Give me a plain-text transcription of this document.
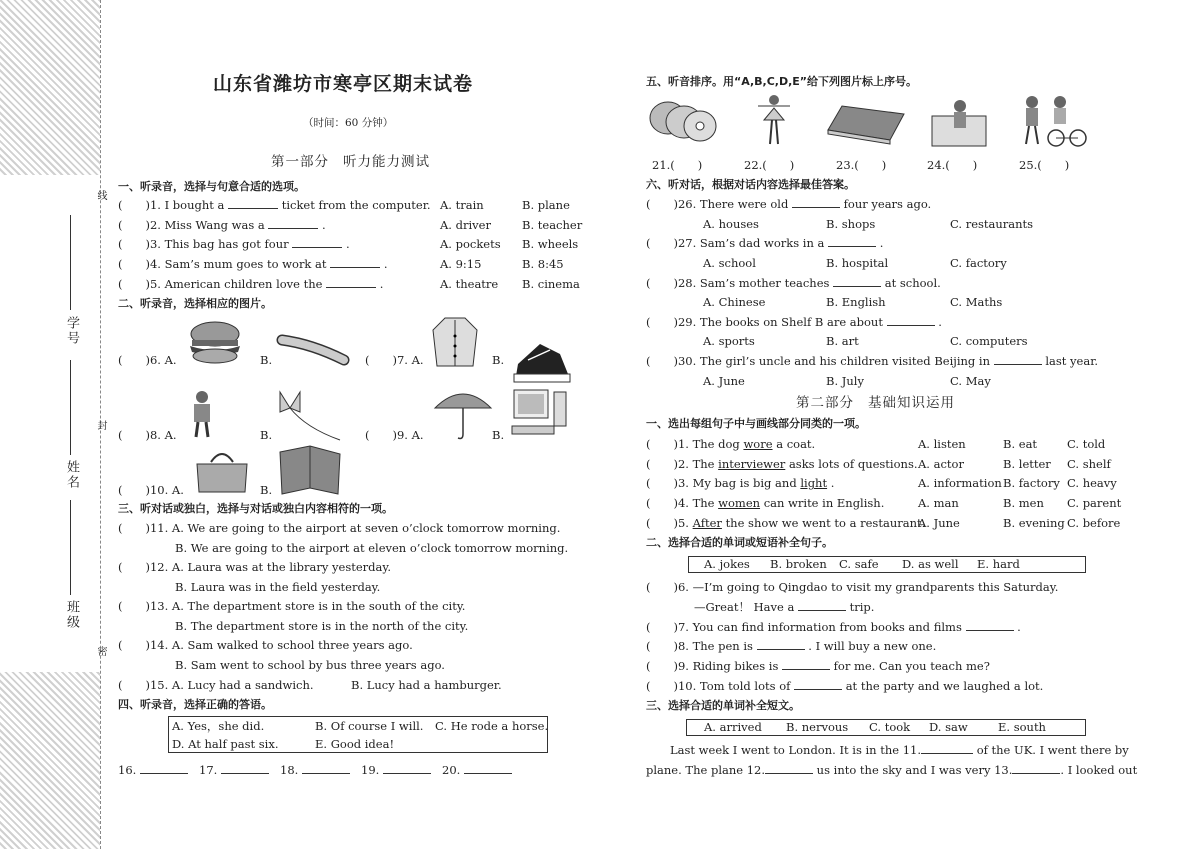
学号
姓名
班级
线
封
密
山东省潍坊市寒亭区期末试卷
（时间：60 分钟）
第一部分 听力能力测试
一、听录音，选择与句意合适的选项。
(　　)1. I bought a	ticket from the computer. A. train	B. plane
(　　)2. Miss Wang was a	.	A. driver	B. teacher
(　　)3. This bag has got four	.	A. pockets B. wheels
(　　)4. Sam’s mum goes to work at	.	A. 9:15	B. 8:45
(　　)5. American children love the	.	A. theatre B. cinema
二、听录音，选择相应的图片。
(　　)6. A.	B.	(　　)7. A.	B.
(　　)8. A.	B.	(　　)9. A.	B.
(　　)10. A.	B.
三、听对话或独白，选择与对话或独白内容相符的一项。
(　　)11. A. We are going to the airport at seven o’clock tomorrow morning.
B. We are going to the airport at eleven o’clock tomorrow morning.
(　　)12. A. Laura was at the library yesterday.
B. Laura was in the field yesterday.
(　　)13. A. The department store is in the south of the city.
B. The department store is in the north of the city.
(　　)14. A. Sam walked to school three years ago.
B. Sam went to school by bus three years ago.
(　　)15. A. Lucy had a sandwich.	B. Lucy had a hamburger.
四、听录音，选择正确的答语。
A. Yes，she did.	B. Of course I will. C. He rode a horse.
D. At half past six.	E. Good idea!
16.	17.	18.	19.	20.
五、听音排序。用“A,B,C,D,E”给下列图片标上序号。
21.(　　)	22.(　　)	23.(　　)	24.(　　)	25.(　　)
六、听对话，根据对话内容选择最佳答案。
(　　)26. There were old	four years ago.
A. houses	B. shops	C. restaurants
(　　)27. Sam’s dad works in a	.
A. school	B. hospital	C. factory
(　　)28. Sam’s mother teaches	at school.
A. Chinese	B. English	C. Maths
(　　)29. The books on Shelf B are about	.
A. sports	B. art	C. computers
(　　)30. The girl’s uncle and his children visited Beijing in	last year.
A. June	B. July	C. May
第二部分 基础知识运用
一、选出每组句子中与画线部分同类的一项。
(　　)1. The dog wore a coat.	A. listen	B. eat	C. told
(　　)2. The interviewer asks lots of questions. A. actor	B. letter C. shelf
(　　)3. My bag is big and light .	A. information B. factory C. heavy
(　　)4. The women can write in English.	A. man	B. men C. parent
(　　)5. After the show we went to a restaurant.
A. June	B. evening C. before
二、选择合适的单词或短语补全句子。
A. jokes B. broken C. safe D. as well E. hard
(　　)6. —I’m going to Qingdao to visit my grandparents this Saturday.
—Great！ Have a	trip.
(　　)7. You can find information from books and films	.
(　　)8. The pen is	. I will buy a new one.
(　　)9. Riding bikes is	for me. Can you teach me?
(　　)10. Tom told lots of	at the party and we laughed a lot.
三、选择合适的单词补全短文。
A. arrived B. nervous C. took D. saw	E. south
Last week I went to London. It is in the 11.	of the UK. I went there by
plane. The plane 12.	us into the sky and I was very 13.	. I looked out
